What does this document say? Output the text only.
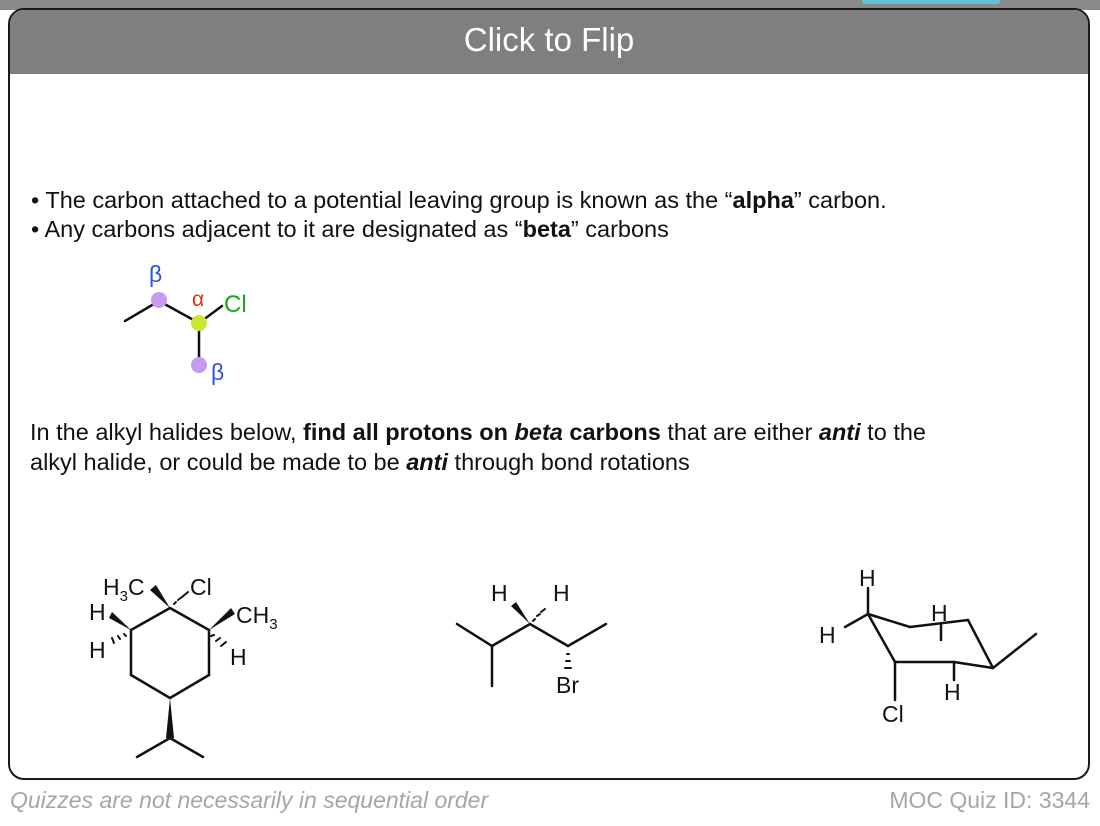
Click to Flip
• The carbon attached to a potential leaving group is known as the “alpha” carbon.
• Any carbons adjacent to it are designated as “beta” carbons
In the alkyl halides below, find all protons on beta carbons that are either anti to the
alkyl halide, or could be made to be anti through bond rotations
β
α Cl
β
$H_3C$ Cl
$CH_3$
H
H
H
H H
Br
H
H
H
H
Cl
Quizzes are not necessarily in sequential order	MOC Quiz ID: 3344
